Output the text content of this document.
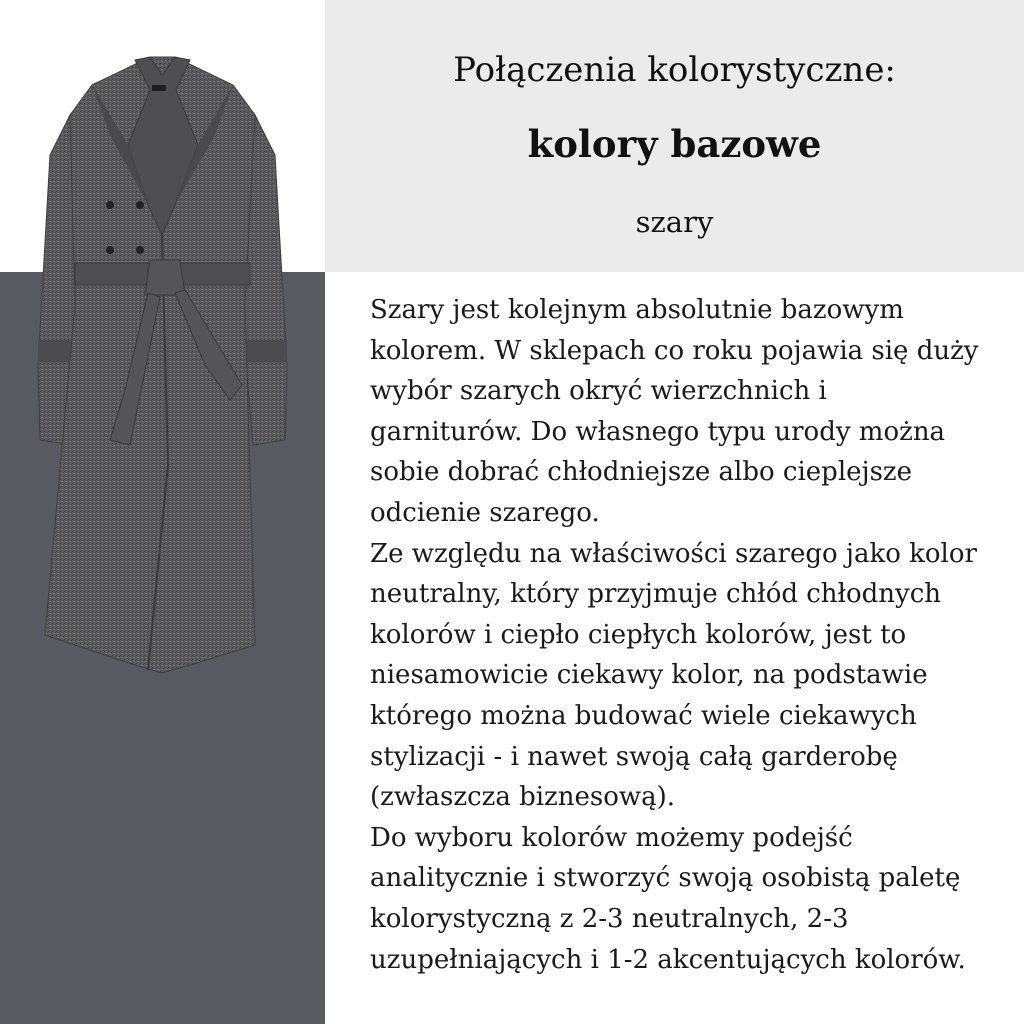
Połączenia kolorystyczne:
kolory bazowe
szary

Szary jest kolejnym absolutnie bazowym
kolorem. W sklepach co roku pojawia się duży
wybór szarych okryć wierzchnich i
garniturów. Do własnego typu urody można
sobie dobrać chłodniejsze albo cieplejsze
odcienie szarego.
Ze względu na właściwości szarego jako kolor
neutralny, który przyjmuje chłód chłodnych
kolorów i ciepło ciepłych kolorów, jest to
niesamowicie ciekawy kolor, na podstawie
którego można budować wiele ciekawych
stylizacji - i nawet swoją całą garderobę
(zwłaszcza biznesową).
Do wyboru kolorów możemy podejść
analitycznie i stworzyć swoją osobistą paletę
kolorystyczną z 2-3 neutralnych, 2-3
uzupełniających i 1-2 akcentujących kolorów.
